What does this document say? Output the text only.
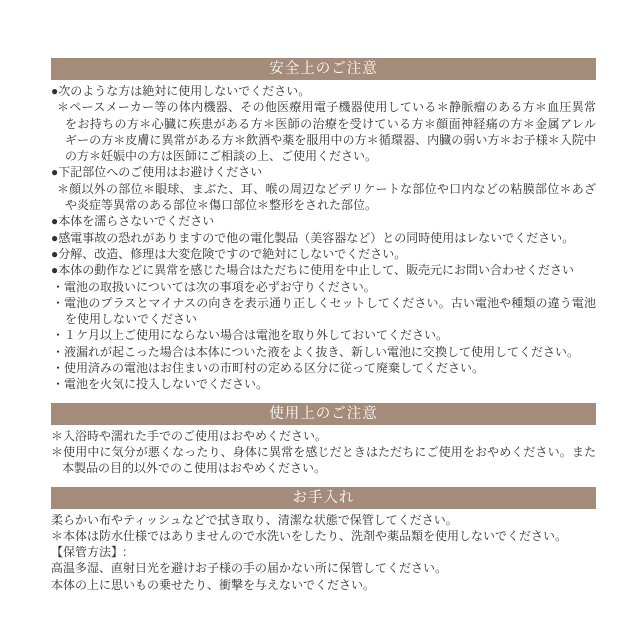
安全上のご注意

●次のような方は絶対に使用しないでください。

＊ペースメーカー等の体内機器、その他医療用電子機器使用している＊静脈瘤のある方＊血圧異常をお持ちの方＊心臓に疾患がある方＊医師の治療を受けている方＊顔面神経痛の方＊金属アレルギーの方＊皮膚に異常がある方＊飲酒や薬を服用中の方＊循環器、内臓の弱い方＊お子様＊入院中の方＊妊娠中の方は医師にご相談の上、ご使用ください。

●下記部位へのご使用はお避けください

＊顔以外の部位＊眼球、まぶた、耳、喉の周辺などデリケートな部位や口内などの粘膜部位＊あざや炎症等異常のある部位＊傷口部位＊整形をされた部位。

●本体を濡らさないでください

●感電事故の恐れがありますので他の電化製品（美容器など）との同時使用はレないでください。

●分解、改造、修理は大変危険ですので絶対にしないでください。

●本体の動作などに異常を感じた場合はただちに使用を中止して、販売元にお問い合わせください

・電池の取扱いについては次の事項を必ずお守りください。

・電池のプラスとマイナスの向きを表示通り正しくセットしてください。古い電池や種類の違う電池を使用しないでください

・１ケ月以上ご使用にならない場合は電池を取り外しておいてください。

・液漏れが起こった場合は本体についた液をよく抜き、新しい電池に交換して使用してください。

・使用済みの電池はお住まいの市町村の定める区分に従って廃棄してください。

・電池を火気に投入しないでください。

使用上のご注意

＊入浴時や濡れた手でのご使用はおやめください。

＊使用中に気分が悪くなったり、身体に異常を感じだときはただちにご使用をおやめください。また本製品の目的以外でのこ使用はおやめください。

お手入れ

柔らかい布やティッシュなどで拭き取り、清潔な状態で保管してください。

＊本体は防水仕様ではありませんので水洗いをしたり、洗剤や薬品類を使用しないでください。

【保管方法】:

高温多湿、直射日光を避けお子様の手の届かない所に保管してください。

本体の上に思いもの乗せたり、衝撃を与えないでください。
